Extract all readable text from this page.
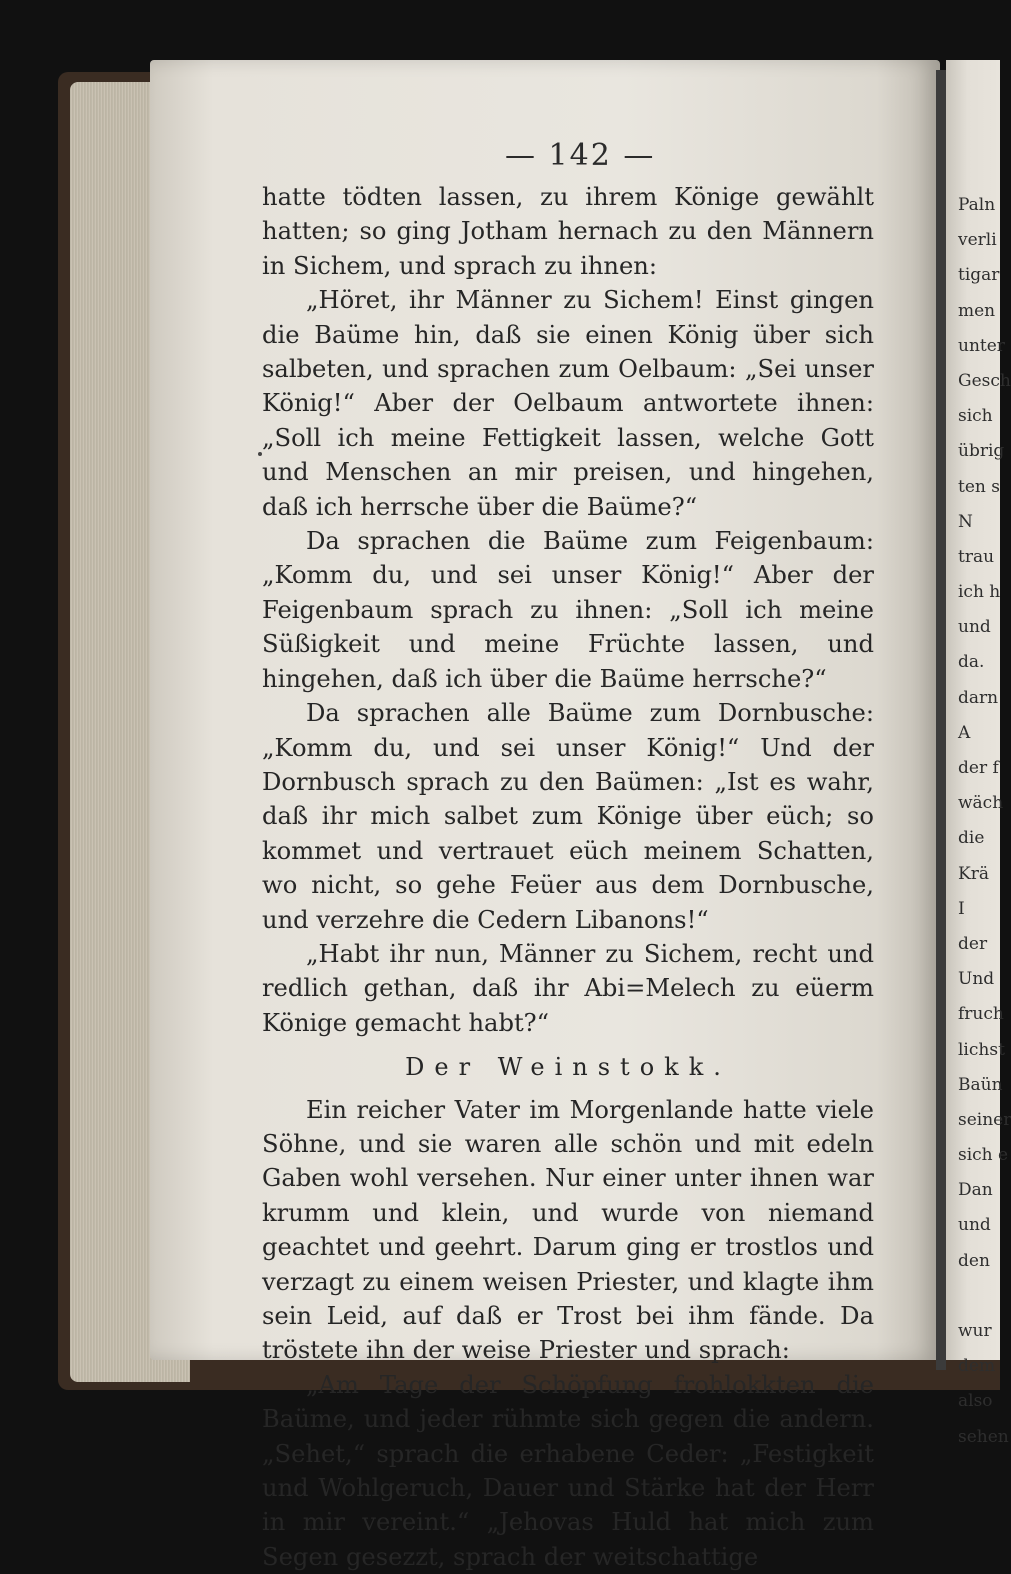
— 142 —

hatte tödten lassen, zu ihrem Könige gewählt hatten; so ging Jotham hernach zu den Männern in Sichem, und sprach zu ihnen:

„Höret, ihr Männer zu Sichem! Einst gingen die Baüme hin, daß sie einen König über sich salbeten, und sprachen zum Oelbaum: „Sei unser König!“ Aber der Oelbaum antwortete ihnen: „Soll ich meine Fettigkeit lassen, welche Gott und Menschen an mir preisen, und hingehen, daß ich herrsche über die Baüme?“

Da sprachen die Baüme zum Feigenbaum: „Komm du, und sei unser König!“ Aber der Feigenbaum sprach zu ihnen: „Soll ich meine Süßigkeit und meine Früchte lassen, und hingehen, daß ich über die Baüme herrsche?“

Da sprachen alle Baüme zum Dornbusche: „Komm du, und sei unser König!“ Und der Dornbusch sprach zu den Baümen: „Ist es wahr, daß ihr mich salbet zum Könige über eüch; so kommet und vertrauet eüch meinem Schatten, wo nicht, so gehe Feüer aus dem Dornbusche, und verzehre die Cedern Libanons!“

„Habt ihr nun, Männer zu Sichem, recht und redlich gethan, daß ihr Abi=Melech zu eüerm Könige gemacht habt?“

Der Weinstokk.

Ein reicher Vater im Morgenlande hatte viele Söhne, und sie waren alle schön und mit edeln Gaben wohl versehen. Nur einer unter ihnen war krumm und klein, und wurde von niemand geachtet und geehrt. Darum ging er trostlos und verzagt zu einem weisen Priester, und klagte ihm sein Leid, auf daß er Trost bei ihm fände. Da tröstete ihn der weise Priester und sprach:

„Am Tage der Schöpfung frohlokkten die Baüme, und jeder rühmte sich gegen die andern. „Sehet,“ sprach die erhabene Ceder: „Festigkeit und Wohlgeruch, Dauer und Stärke hat der Herr in mir vereint.“ „Jehovas Huld hat mich zum Segen gesezzt, sprach der weitschattige

Paln
verli
tigar
men
unter
Gesch
sich
übrig
ten s
N
trau
ich h
und
da.
darn
A
der f
wäch
die
Krä
I
der
Und
fruch
lichst
Baün
seiner
sich e
Dan
und
den
wur
dem
also
sehen
